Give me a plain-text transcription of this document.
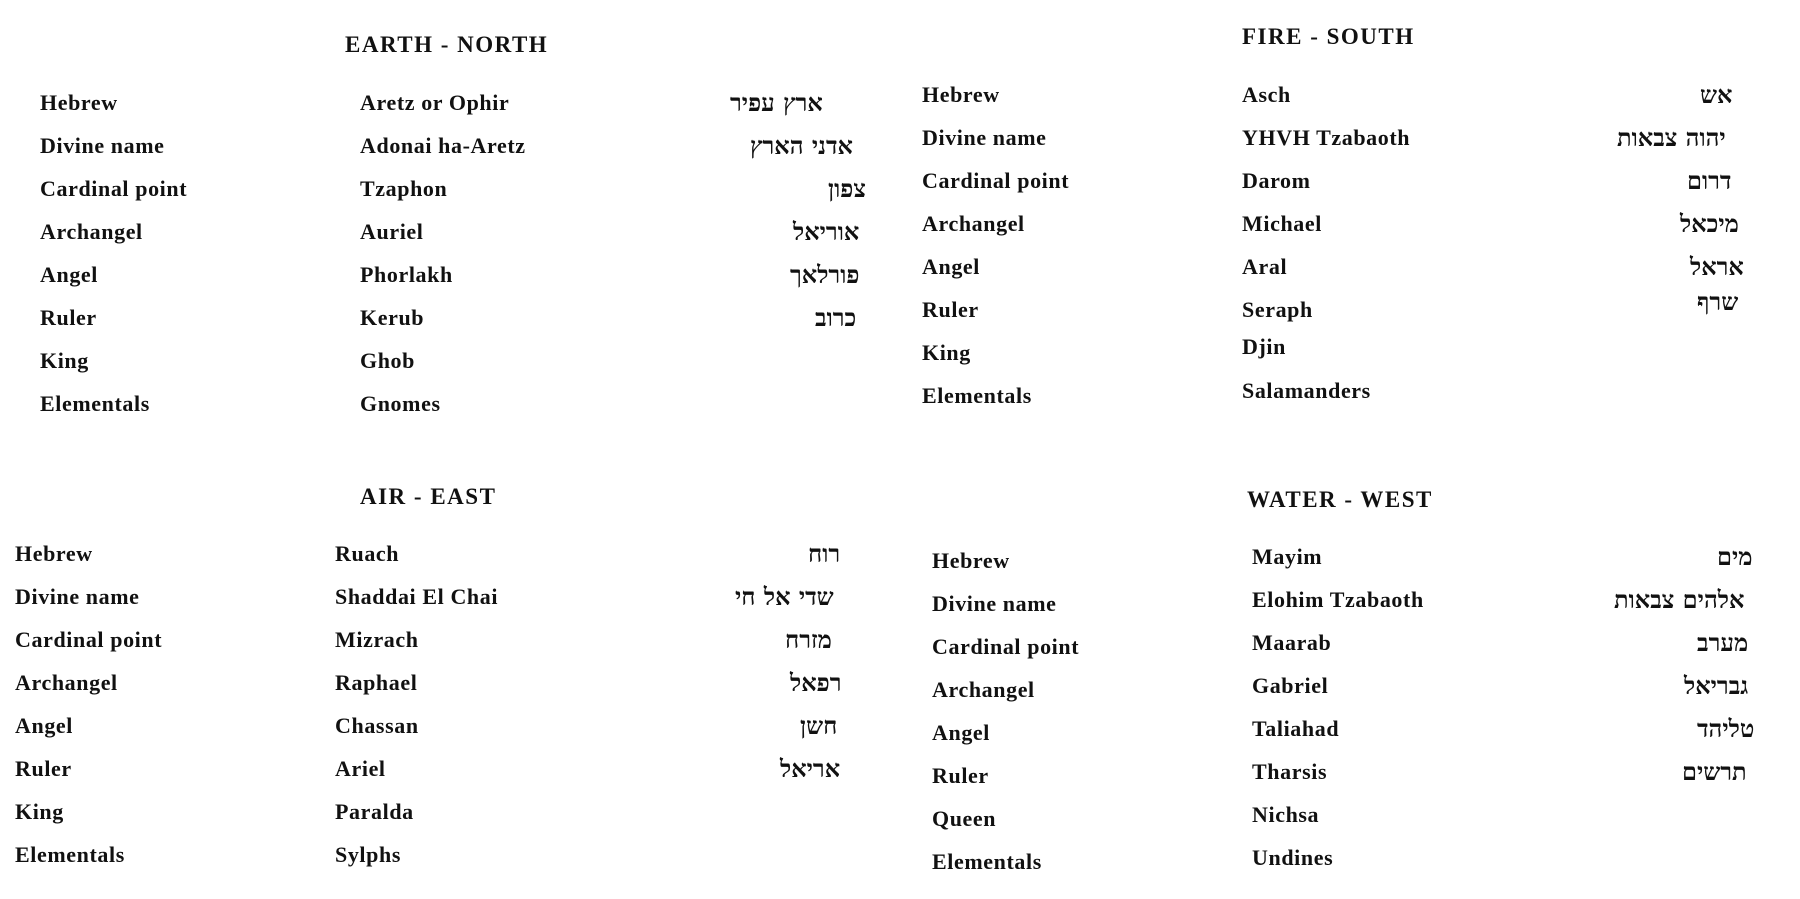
EARTH - NORTH
Hebrew	Aretz or Ophir	ארץ עפיר
Divine name	Adonai ha-Aretz	אדני הארץ
Cardinal point	Tzaphon	צפון
Archangel	Auriel	אוריאל
Angel	Phorlakh	פורלאך
Ruler	Kerub	כרוב
King	Ghob
Elementals	Gnomes
FIRE - SOUTH
Hebrew	Asch	אש
Divine name	YHVH Tzabaoth	יהוה צבאות
Cardinal point	Darom	דרום
Archangel	Michael	מיכאל
Angel	Aral	אראל
Ruler	Seraph	שרף
King	Djin
Elementals	Salamanders
AIR - EAST
Hebrew	Ruach	רוח
Divine name	Shaddai El Chai	שדי אל חי
Cardinal point	Mizrach	מזרח
Archangel	Raphael	רפאל
Angel	Chassan	חשן
Ruler	Ariel	אריאל
King	Paralda
Elementals	Sylphs
WATER - WEST
Hebrew	Mayim	מים
Divine name	Elohim Tzabaoth	אלהים צבאות
Cardinal point	Maarab	מערב
Archangel	Gabriel	גבריאל
Angel	Taliahad	טליהד
Ruler	Tharsis	תרשים
Queen	Nichsa
Elementals	Undines
